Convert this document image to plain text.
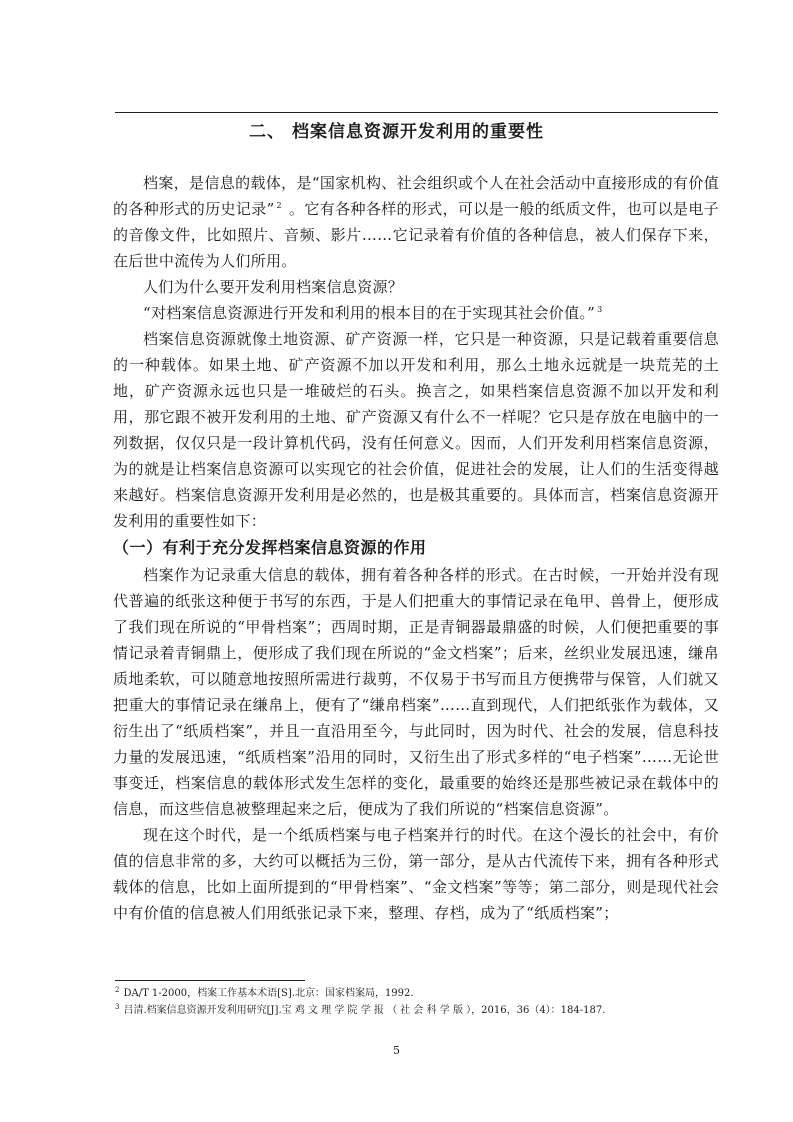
二、 档案信息资源开发利用的重要性

档案，是信息的载体，是“国家机构、社会组织或个人在社会活动中直接形成的有价值的各种形式的历史记录” $^2$ 。它有各种各样的形式，可以是一般的纸质文件，也可以是电子的音像文件，比如照片、音频、影片……它记录着有价值的各种信息，被人们保存下来，在后世中流传为人们所用。

人们为什么要开发利用档案信息资源？

“对档案信息资源进行开发和利用的根本目的在于实现其社会价值。” $^3$

档案信息资源就像土地资源、矿产资源一样，它只是一种资源，只是记载着重要信息的一种载体。如果土地、矿产资源不加以开发和利用，那么土地永远就是一块荒芜的土地，矿产资源永远也只是一堆破烂的石头。换言之，如果档案信息资源不加以开发和利用，那它跟不被开发利用的土地、矿产资源又有什么不一样呢？它只是存放在电脑中的一列数据，仅仅只是一段计算机代码，没有任何意义。因而，人们开发利用档案信息资源，为的就是让档案信息资源可以实现它的社会价值，促进社会的发展，让人们的生活变得越来越好。档案信息资源开发利用是必然的，也是极其重要的。具体而言，档案信息资源开发利用的重要性如下：

（一）有利于充分发挥档案信息资源的作用

档案作为记录重大信息的载体，拥有着各种各样的形式。在古时候，一开始并没有现代普遍的纸张这种便于书写的东西，于是人们把重大的事情记录在龟甲、兽骨上，便形成了我们现在所说的“甲骨档案”；西周时期，正是青铜器最鼎盛的时候，人们便把重要的事情记录着青铜鼎上，便形成了我们现在所说的“金文档案”；后来，丝织业发展迅速，缣帛质地柔软，可以随意地按照所需进行裁剪，不仅易于书写而且方便携带与保管，人们就又把重大的事情记录在缣帛上，便有了“缣帛档案”……直到现代，人们把纸张作为载体，又衍生出了“纸质档案”，并且一直沿用至今，与此同时，因为时代、社会的发展，信息科技力量的发展迅速，“纸质档案”沿用的同时，又衍生出了形式多样的“电子档案”……无论世事变迁，档案信息的载体形式发生怎样的变化，最重要的始终还是那些被记录在载体中的信息，而这些信息被整理起来之后，便成为了我们所说的“档案信息资源”。

现在这个时代，是一个纸质档案与电子档案并行的时代。在这个漫长的社会中，有价值的信息非常的多，大约可以概括为三份，第一部分，是从古代流传下来，拥有各种形式载体的信息，比如上面所提到的“甲骨档案”、“金文档案”等等；第二部分，则是现代社会中有价值的信息被人们用纸张记录下来，整理、存档，成为了“纸质档案”；

$^2$ DA/T 1-2000，档案工作基本术语[S].北京：国家档案局，1992.
$^3$ 吕清.档案信息资源开发利用研究[J].宝 鸡 文 理 学 院 学 报 （ 社 会 科 学 版 ），2016，36（4）：184-187.
5
